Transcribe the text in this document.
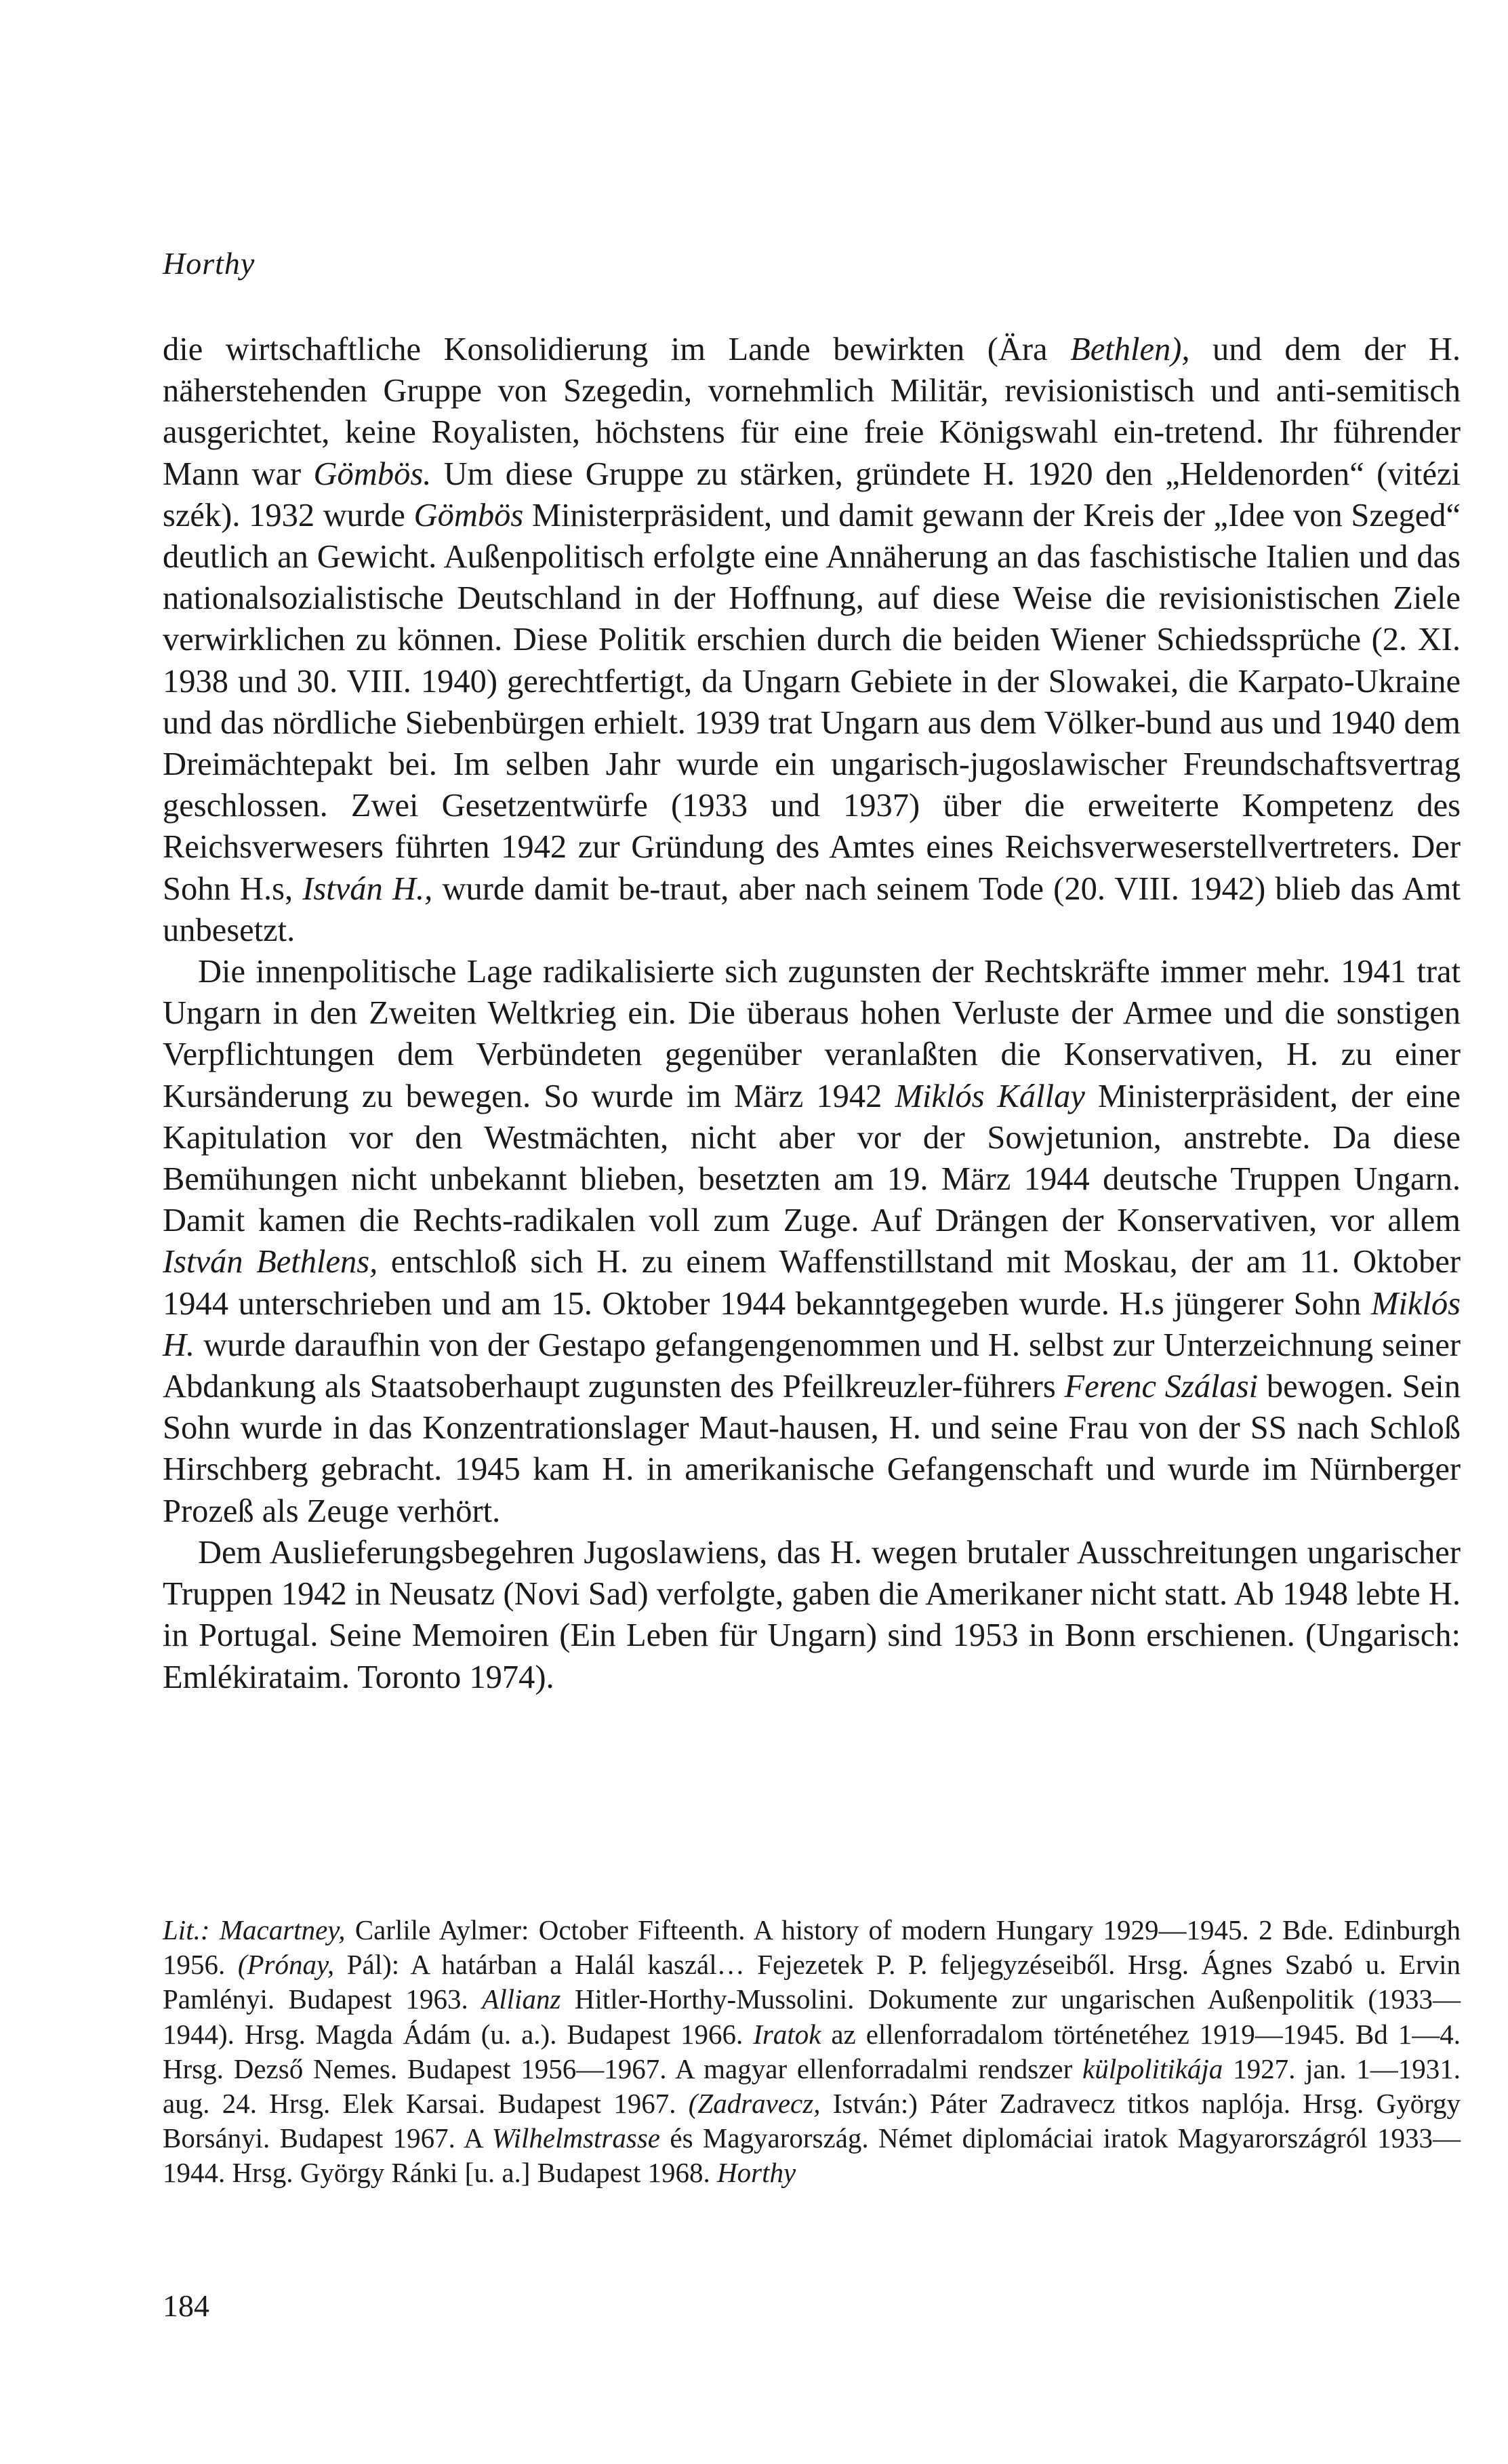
Horthy

die wirtschaftliche Konsolidierung im Lande bewirkten (Ära Bethlen), und dem der H. näherstehenden Gruppe von Szegedin, vornehmlich Militär, revisionistisch und anti-semitisch ausgerichtet, keine Royalisten, höchstens für eine freie Königswahl ein-tretend. Ihr führender Mann war Gömbös. Um diese Gruppe zu stärken, gründete H. 1920 den „Heldenorden“ (vitézi szék). 1932 wurde Gömbös Ministerpräsident, und damit gewann der Kreis der „Idee von Szeged“ deutlich an Gewicht. Außenpolitisch erfolgte eine Annäherung an das faschistische Italien und das nationalsozialistische Deutschland in der Hoffnung, auf diese Weise die revisionistischen Ziele verwirklichen zu können. Diese Politik erschien durch die beiden Wiener Schiedssprüche (2. XI. 1938 und 30. VIII. 1940) gerechtfertigt, da Ungarn Gebiete in der Slowakei, die Karpato-Ukraine und das nördliche Siebenbürgen erhielt. 1939 trat Ungarn aus dem Völker-bund aus und 1940 dem Dreimächtepakt bei. Im selben Jahr wurde ein ungarisch-jugoslawischer Freundschaftsvertrag geschlossen. Zwei Gesetzentwürfe (1933 und 1937) über die erweiterte Kompetenz des Reichsverwesers führten 1942 zur Gründung des Amtes eines Reichsverweserstellvertreters. Der Sohn H.s, István H., wurde damit be-traut, aber nach seinem Tode (20. VIII. 1942) blieb das Amt unbesetzt.

Die innenpolitische Lage radikalisierte sich zugunsten der Rechtskräfte immer mehr. 1941 trat Ungarn in den Zweiten Weltkrieg ein. Die überaus hohen Verluste der Armee und die sonstigen Verpflichtungen dem Verbündeten gegenüber veranlaßten die Konservativen, H. zu einer Kursänderung zu bewegen. So wurde im März 1942 Miklós Kállay Ministerpräsident, der eine Kapitulation vor den Westmächten, nicht aber vor der Sowjetunion, anstrebte. Da diese Bemühungen nicht unbekannt blieben, besetzten am 19. März 1944 deutsche Truppen Ungarn. Damit kamen die Rechts-radikalen voll zum Zuge. Auf Drängen der Konservativen, vor allem István Bethlens, entschloß sich H. zu einem Waffenstillstand mit Moskau, der am 11. Oktober 1944 unterschrieben und am 15. Oktober 1944 bekanntgegeben wurde. H.s jüngerer Sohn Miklós H. wurde daraufhin von der Gestapo gefangengenommen und H. selbst zur Unterzeichnung seiner Abdankung als Staatsoberhaupt zugunsten des Pfeilkreuzler-führers Ferenc Szálasi bewogen. Sein Sohn wurde in das Konzentrationslager Maut-hausen, H. und seine Frau von der SS nach Schloß Hirschberg gebracht. 1945 kam H. in amerikanische Gefangenschaft und wurde im Nürnberger Prozeß als Zeuge verhört.

Dem Auslieferungsbegehren Jugoslawiens, das H. wegen brutaler Ausschreitungen ungarischer Truppen 1942 in Neusatz (Novi Sad) verfolgte, gaben die Amerikaner nicht statt. Ab 1948 lebte H. in Portugal. Seine Memoiren (Ein Leben für Ungarn) sind 1953 in Bonn erschienen. (Ungarisch: Emlékirataim. Toronto 1974).

Lit.: Macartney, Carlile Aylmer: October Fifteenth. A history of modern Hungary 1929—1945. 2 Bde. Edinburgh 1956. (Prónay, Pál): A határban a Halál kaszál… Fejezetek P. P. feljegyzéseiből. Hrsg. Ágnes Szabó u. Ervin Pamlényi. Budapest 1963. Allianz Hitler-Horthy-Mussolini. Dokumente zur ungarischen Außenpolitik (1933—1944). Hrsg. Magda Ádám (u. a.). Budapest 1966. Iratok az ellenforradalom történetéhez 1919—1945. Bd 1—4. Hrsg. Dezső Nemes. Budapest 1956—1967. A magyar ellenforradalmi rendszer külpolitikája 1927. jan. 1—1931. aug. 24. Hrsg. Elek Karsai. Budapest 1967. (Zadravecz, István:) Páter Zadravecz titkos naplója. Hrsg. György Borsányi. Budapest 1967. A Wilhelmstrasse és Magyarország. Német diplomáciai iratok Magyarországról 1933—1944. Hrsg. György Ránki [u. a.] Budapest 1968. Horthy

184
